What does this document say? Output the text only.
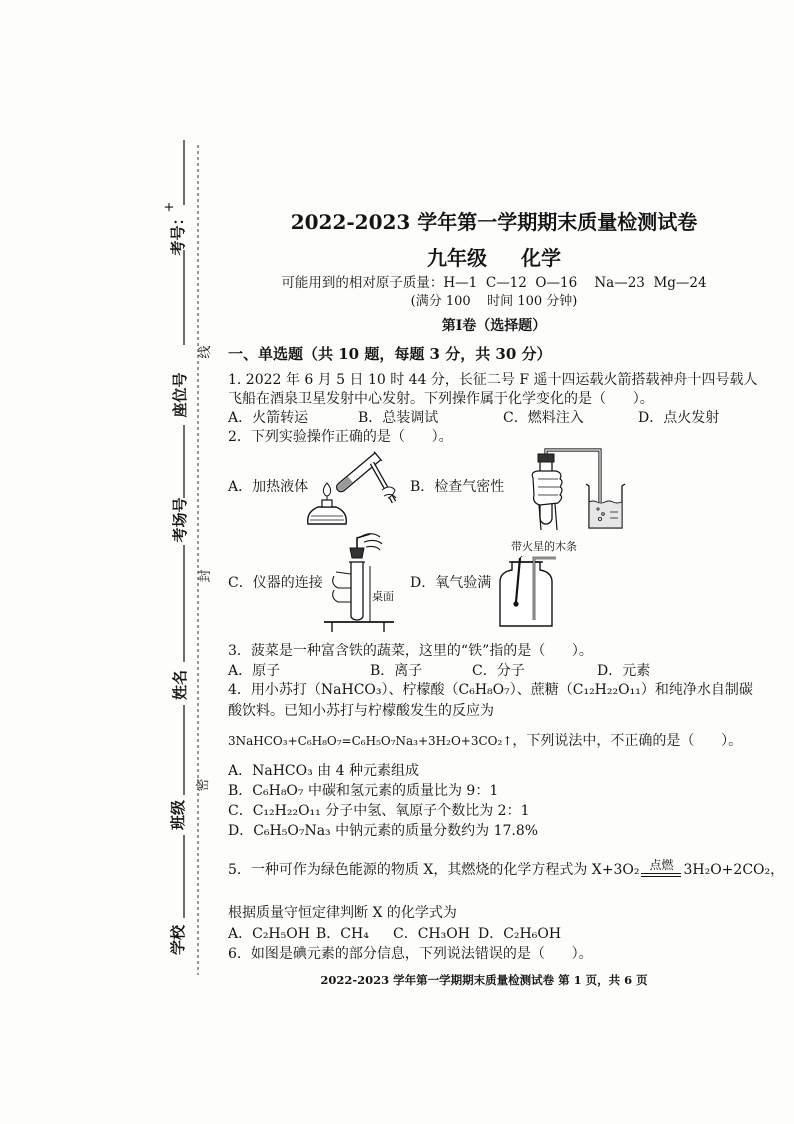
+
考号：
线
座位号
考场号
封
姓名
密
班级
学校
2022-2023 学年第一学期期末质量检测试卷
九年级 化学
可能用到的相对原子质量：H—1  C—12  O—16    Na—23  Mg—24
(满分 100    时间 100 分钟)
第Ⅰ卷（选择题）
一、单选题（共 10 题，每题 3 分，共 30 分）
1. 2022 年 6 月 5 日 10 时 44 分，长征二号 F 遥十四运载火箭搭载神舟十四号载人
飞船在酒泉卫星发射中心发射。下列操作属于化学变化的是（      ）。
A．火箭转运	B．总装调试	C．燃料注入	D．点火发射
2．下列实验操作正确的是（      ）。
A．加热液体	B．检查气密性
C．仪器的连接	D．氧气验满
桌面
带火星的木条
3．菠菜是一种富含铁的蔬菜，这里的“铁”指的是（      ）。
A．原子	B．离子	C．分子	D．元素
4．用小苏打（NaHCO₃）、柠檬酸（C₆H₈O₇）、蔗糖（C₁₂H₂₂O₁₁）和纯净水自制碳
酸饮料。已知小苏打与柠檬酸发生的反应为
3NaHCO₃+C₆H₈O₇=C₆H₅O₇Na₃+3H₂O+3CO₂↑ ，下列说法中，不正确的是（      ）。
A．NaHCO₃ 由 4 种元素组成
B．C₆H₈O₇ 中碳和氢元素的质量比为 9：1
C．C₁₂H₂₂O₁₁ 分子中氢、氧原子个数比为 2：1
D．C₆H₅O₇Na₃ 中钠元素的质量分数约为 17.8%
5．一种可作为绿色能源的物质 X，其燃烧的化学方程式为 X+3O₂ 点燃 3H₂O+2CO₂，
根据质量守恒定律判断 X 的化学式为
A．C₂H₅OH B．CH₄ C．CH₃OH D．C₂H₆OH
6．如图是碘元素的部分信息，下列说法错误的是（      ）。
2022-2023 学年第一学期期末质量检测试卷 第 1 页，共 6 页
